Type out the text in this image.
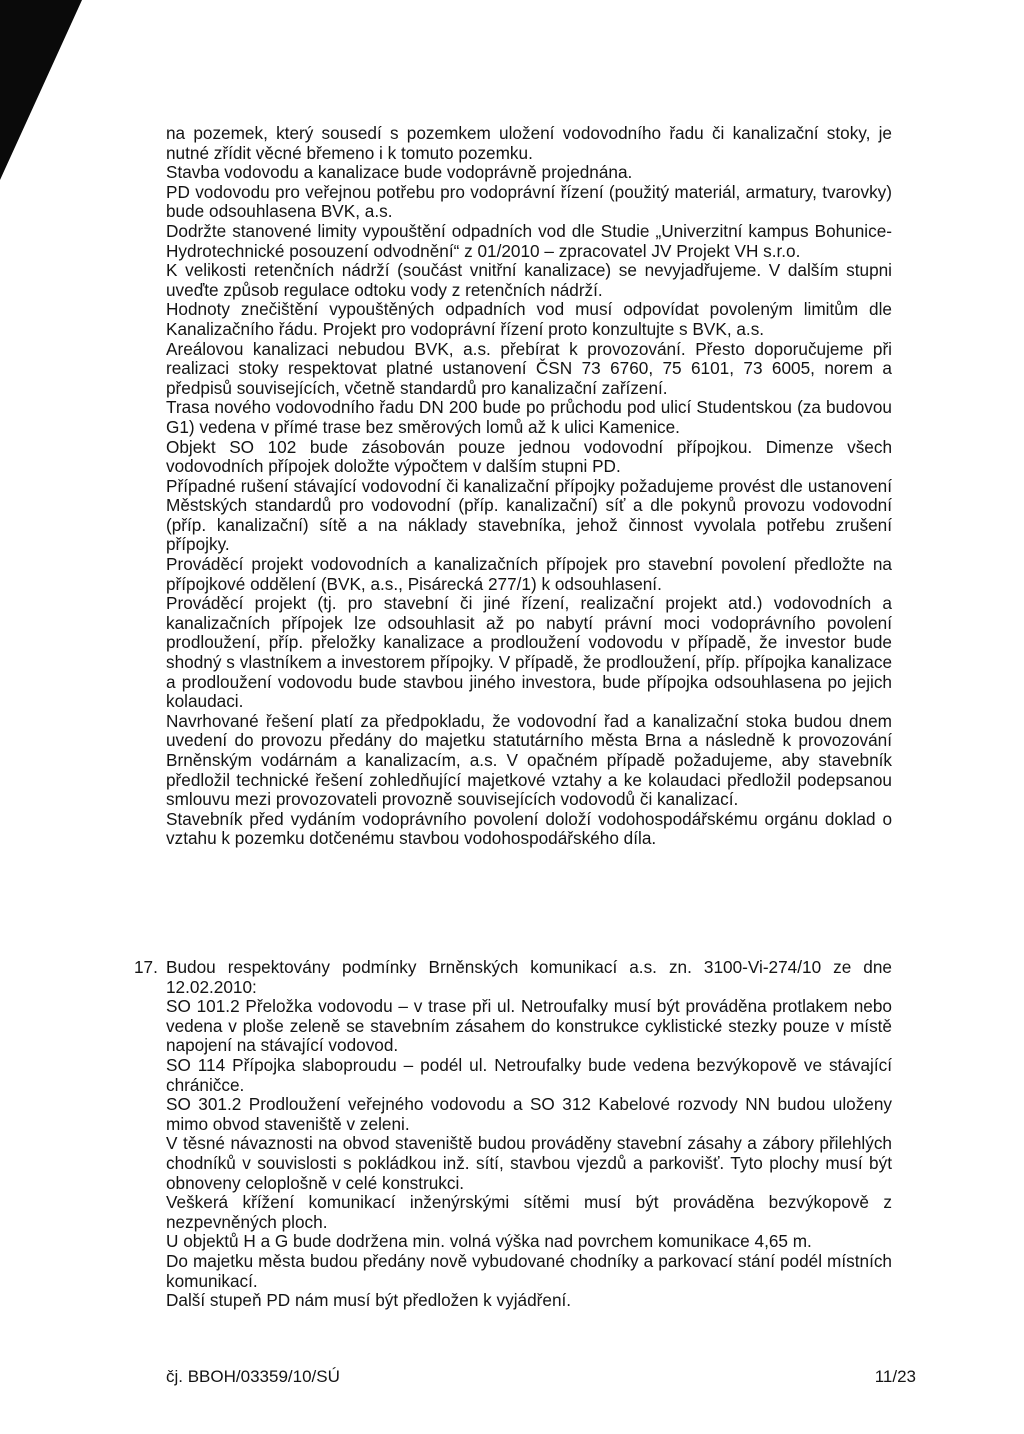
na pozemek, který sousedí s pozemkem uložení vodovodního řadu či kanalizační stoky, je nutné zřídit věcné břemeno i k tomuto pozemku.

Stavba vodovodu a kanalizace bude vodoprávně projednána.

PD vodovodu pro veřejnou potřebu pro vodoprávní řízení (použitý materiál, armatury, tvarovky) bude odsouhlasena BVK, a.s.

Dodržte stanovené limity vypouštění odpadních vod dle Studie „Univerzitní kampus Bohunice-Hydrotechnické posouzení odvodnění“ z 01/2010 – zpracovatel JV Projekt VH s.r.o.

K velikosti retenčních nádrží (součást vnitřní kanalizace) se nevyjadřujeme. V dalším stupni uveďte způsob regulace odtoku vody z retenčních nádrží.

Hodnoty znečištění vypouštěných odpadních vod musí odpovídat povoleným limitům dle Kanalizačního řádu. Projekt pro vodoprávní řízení proto konzultujte s BVK, a.s.

Areálovou kanalizaci nebudou BVK, a.s. přebírat k provozování. Přesto doporučujeme při realizaci stoky respektovat platné ustanovení ČSN 73 6760, 75 6101, 73 6005, norem a předpisů souvisejících, včetně standardů pro kanalizační zařízení.

Trasa nového vodovodního řadu DN 200 bude po průchodu pod ulicí Studentskou (za budovou G1) vedena v přímé trase bez směrových lomů až k ulici Kamenice.

Objekt SO 102 bude zásobován pouze jednou vodovodní přípojkou. Dimenze všech vodovodních přípojek doložte výpočtem v dalším stupni PD.

Případné rušení stávající vodovodní či kanalizační přípojky požadujeme provést dle ustanovení Městských standardů pro vodovodní (příp. kanalizační) síť a dle pokynů provozu vodovodní (příp. kanalizační) sítě a na náklady stavebníka, jehož činnost vyvolala potřebu zrušení přípojky.

Prováděcí projekt vodovodních a kanalizačních přípojek pro stavební povolení předložte na přípojkové oddělení (BVK, a.s., Pisárecká 277/1) k odsouhlasení.

Prováděcí projekt (tj. pro stavební či jiné řízení, realizační projekt atd.) vodovodních a kanalizačních přípojek lze odsouhlasit až po nabytí právní moci vodoprávního povolení prodloužení, příp. přeložky kanalizace a prodloužení vodovodu v případě, že investor bude shodný s vlastníkem a investorem přípojky. V případě, že prodloužení, příp. přípojka kanalizace a prodloužení vodovodu bude stavbou jiného investora, bude přípojka odsouhlasena po jejich kolaudaci.

Navrhované řešení platí za předpokladu, že vodovodní řad a kanalizační stoka budou dnem uvedení do provozu předány do majetku statutárního města Brna a následně k provozování Brněnským vodárnám a kanalizacím, a.s. V opačném případě požadujeme, aby stavebník předložil technické řešení zohledňující majetkové vztahy a ke kolaudaci předložil podepsanou smlouvu mezi provozovateli provozně souvisejících vodovodů či kanalizací.

Stavebník před vydáním vodoprávního povolení doloží vodohospodářskému orgánu doklad o vztahu k pozemku dotčenému stavbou vodohospodářského díla.

17. Budou respektovány podmínky Brněnských komunikací a.s. zn. 3100-Vi-274/10 ze dne 12.02.2010:

SO 101.2 Přeložka vodovodu – v trase při ul. Netroufalky musí být prováděna protlakem nebo vedena v ploše zeleně se stavebním zásahem do konstrukce cyklistické stezky pouze v místě napojení na stávající vodovod.

SO 114 Přípojka slaboproudu – podél ul. Netroufalky bude vedena bezvýkopově ve stávající chráničce.

SO 301.2 Prodloužení veřejného vodovodu a SO 312 Kabelové rozvody NN budou uloženy mimo obvod staveniště v zeleni.

V těsné návaznosti na obvod staveniště budou prováděny stavební zásahy a zábory přilehlých chodníků v souvislosti s pokládkou inž. sítí, stavbou vjezdů a parkovišť. Tyto plochy musí být obnoveny celoplošně v celé konstrukci.

Veškerá křížení komunikací inženýrskými sítěmi musí být prováděna bezvýkopově z nezpevněných ploch.

U objektů H a G bude dodržena min. volná výška nad povrchem komunikace 4,65 m.

Do majetku města budou předány nově vybudované chodníky a parkovací stání podél místních komunikací.

Další stupeň PD nám musí být předložen k vyjádření.

čj. BBOH/03359/10/SÚ	11/23
